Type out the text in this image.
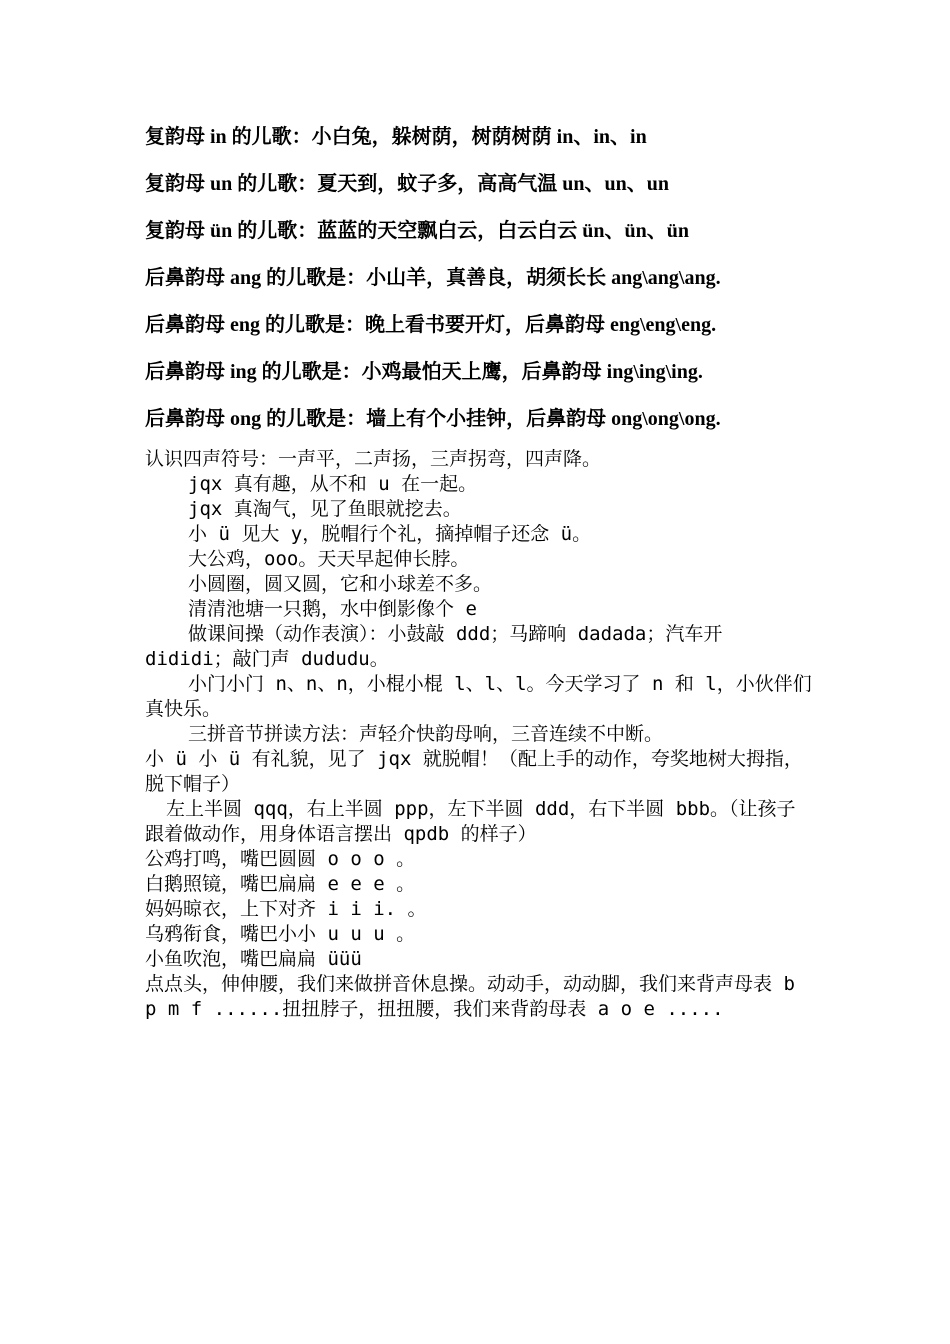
复韵母 in 的儿歌：小白兔，躲树荫，树荫树荫 in、in、in
复韵母 un 的儿歌：夏天到，蚊子多，高高气温 un、un、un
复韵母 ün 的儿歌：蓝蓝的天空飘白云，白云白云 ün、ün、ün
后鼻韵母 ang 的儿歌是：小山羊，真善良，胡须长长 ang\ang\ang.
后鼻韵母 eng 的儿歌是：晚上看书要开灯，后鼻韵母 eng\eng\eng.
后鼻韵母 ing 的儿歌是：小鸡最怕天上鹰，后鼻韵母 ing\ing\ing.
后鼻韵母 ong 的儿歌是：墙上有个小挂钟，后鼻韵母 ong\ong\ong.

认识四声符号：一声平，二声扬，三声拐弯，四声降。

jqx 真有趣，从不和 u 在一起。

jqx 真淘气，见了鱼眼就挖去。

小 ü 见大 y，脱帽行个礼，摘掉帽子还念 ü。

大公鸡，ooo。天天早起伸长脖。

小圆圈，圆又圆，它和小球差不多。

清清池塘一只鹅，水中倒影像个 e

做课间操（动作表演）：小鼓敲 ddd；马蹄响 dadada；汽车开 dididi；敲门声 dududu。

小门小门 n、n、n，小棍小棍 l、l、l。今天学习了 n 和 l，小伙伴们真快乐。

三拼音节拼读方法：声轻介快韵母响，三音连续不中断。

小 ü 小 ü 有礼貌，见了 jqx 就脱帽！（配上手的动作，夸奖地树大拇指，脱下帽子）

左上半圆 qqq，右上半圆 ppp，左下半圆 ddd，右下半圆 bbb。（让孩子跟着做动作，用身体语言摆出 qpdb 的样子）

公鸡打鸣，嘴巴圆圆 o o o 。

白鹅照镜，嘴巴扁扁 e e e 。

妈妈晾衣，上下对齐 i i i. 。

乌鸦衔食，嘴巴小小 u u u 。

小鱼吹泡，嘴巴扁扁 üüü

点点头，伸伸腰，我们来做拼音休息操。动动手，动动脚，我们来背声母表 b p m f ......扭扭脖子，扭扭腰，我们来背韵母表 a o e .....
